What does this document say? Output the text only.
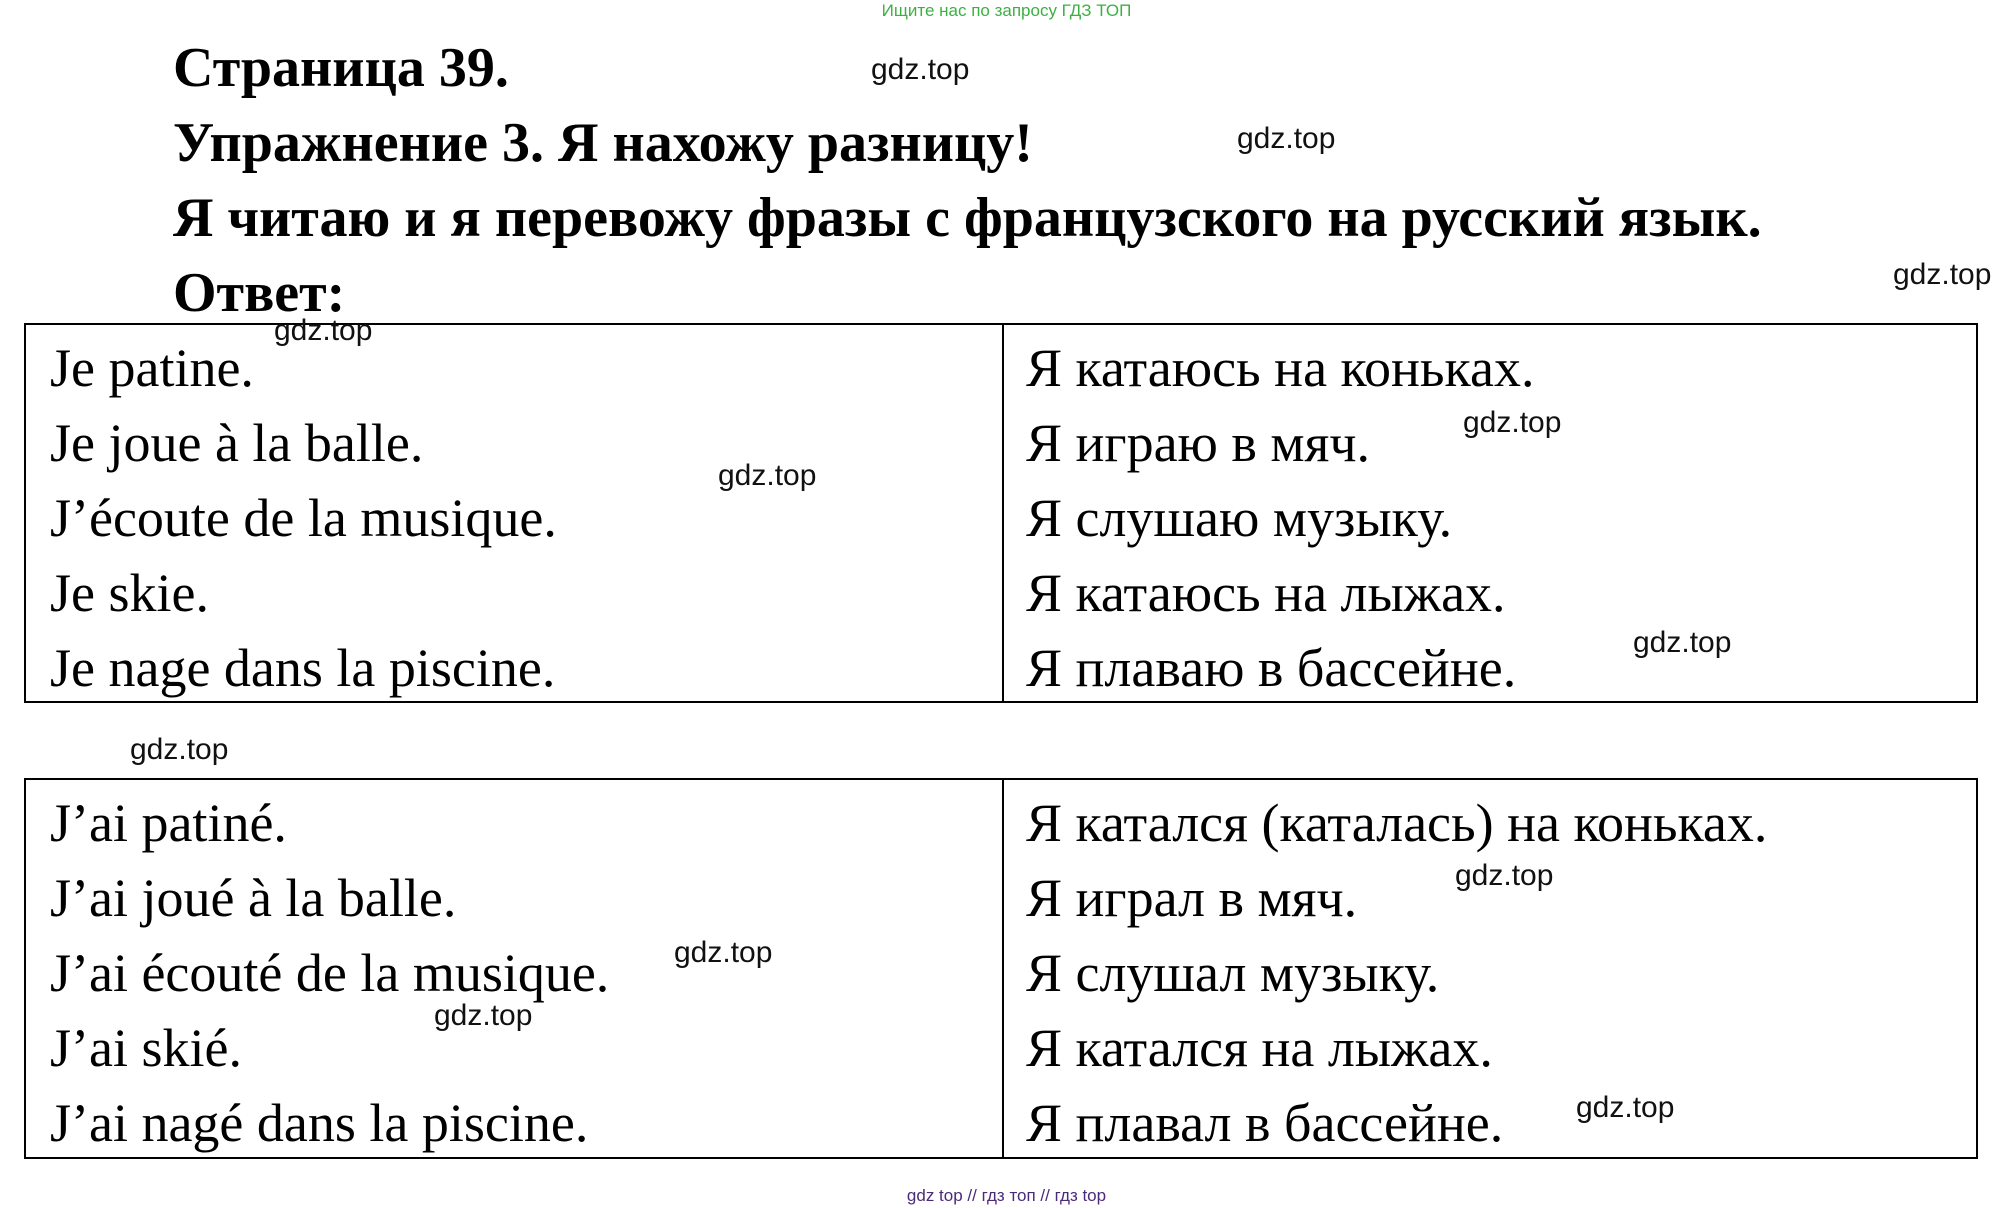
Ищите нас по запросу ГДЗ ТОП
Страница 39.
Упражнение 3. Я нахожу разницу!
Я читаю и я перевожу фразы с французского на русский язык.
Ответ:
Je patine.
Je joue à la balle.
J’écoute de la musique.
Je skie.
Je nage dans la piscine.
Я катаюсь на коньках.
Я играю в мяч.
Я слушаю музыку.
Я катаюсь на лыжах.
Я плаваю в бассейне.
J’ai patiné.
J’ai joué à la balle.
J’ai écouté de la musique.
J’ai skié.
J’ai nagé dans la piscine.
Я катался (каталась) на коньках.
Я играл в мяч.
Я слушал музыку.
Я катался на лыжах.
Я плавал в бассейне.
gdz.top
gdz.top
gdz.top
gdz.top
gdz.top
gdz.top
gdz.top
gdz.top
gdz.top
gdz.top
gdz.top
gdz.top
gdz top // гдз топ // гдз top
